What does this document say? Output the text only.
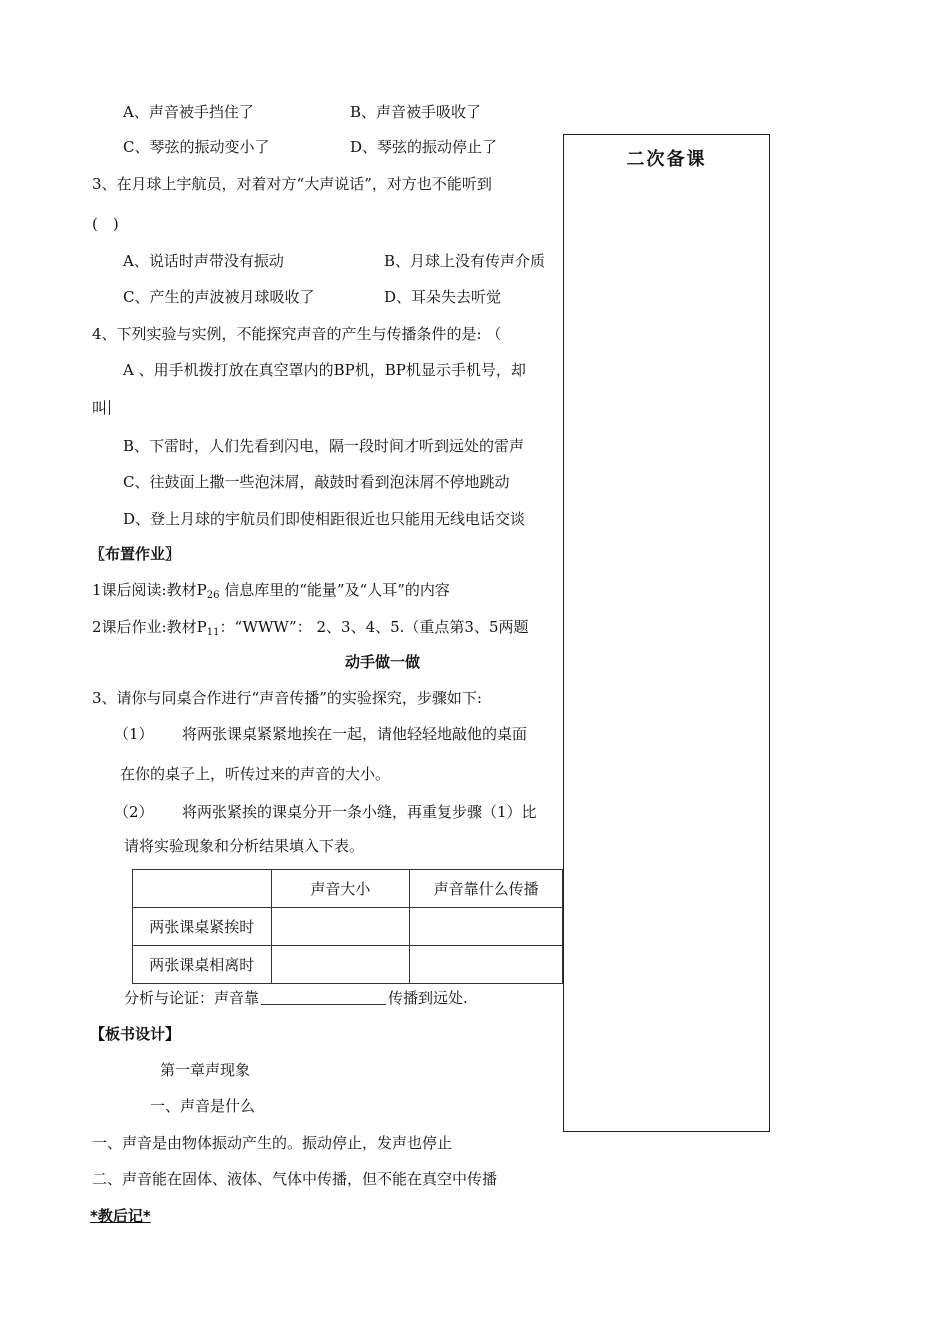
A、声音被手挡住了	B、声音被手吸收了
C、琴弦的振动变小了	D、琴弦的振动停止了
3、在月球上宇航员，对着对方“大声说话”，对方也不能听到
(　)
A、说话时声带没有振动	B、月球上没有传声介质
C、产生的声波被月球吸收了	D、耳朵失去听觉
4、下列实验与实例，不能探究声音的产生与传播条件的是: （
A 、用手机拨打放在真空罩内的BP机，BP机显示手机号，却
叫
B、下雷时，人们先看到闪电，隔一段时间才听到远处的雷声
C、往鼓面上撒一些泡沫屑，敲鼓时看到泡沫屑不停地跳动
D、登上月球的宇航员们即使相距很近也只能用无线电话交谈
〖布置作业〗
1课后阅读:教材$P_{26}$ 信息库里的“能量”及“人耳”的内容
2课后作业:教材$P_{11}$：“WWW”： 2、3、4、5.（重点第3、5两题
动手做一做
3、请你与同桌合作进行“声音传播”的实验探究，步骤如下:
（1） 将两张课桌紧紧地挨在一起，请他轻轻地敲他的桌面
在你的桌子上，听传过来的声音的大小。
（2） 将两张紧挨的课桌分开一条小缝，再重复步骤（1）比
请将实验现象和分析结果填入下表。
	声音大小	声音靠什么传播
两张课桌紧挨时		
两张课桌相离时		
分析与论证：声音靠	传播到远处.
【板书设计】
第一章声现象
一、声音是什么
一、声音是由物体振动产生的。振动停止，发声也停止
二、声音能在固体、液体、气体中传播，但不能在真空中传播
*教后记*
二次备课
